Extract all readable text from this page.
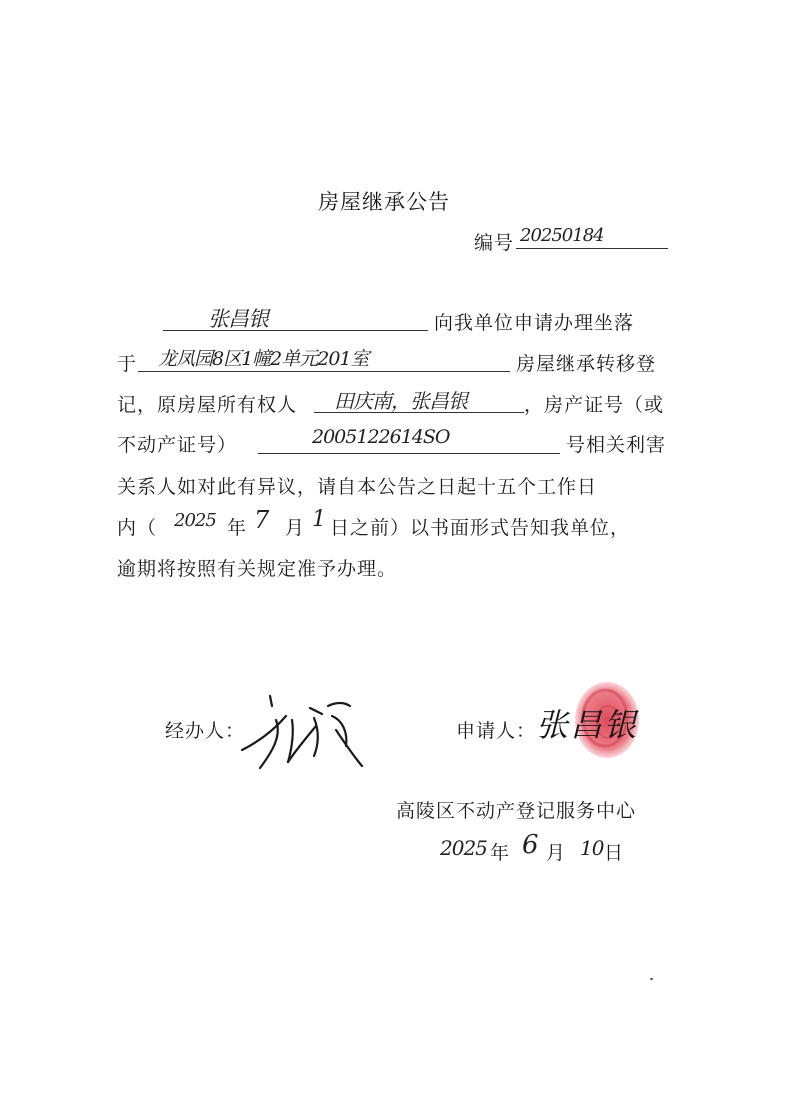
房屋继承公告
编号 20250184
张昌银	向我单位申请办理坐落
于 龙凤园8区1幢2单元201室	房屋继承转移登
记，原房屋所有权人 田庆南，张昌银	，房产证号（或
不动产证号）	2005122614SO	号相关利害
关系人如对此有异议，请自本公告之日起十五个工作日
内（ 2025 年 7 月 1 日之前）以书面形式告知我单位，
逾期将按照有关规定准予办理。
经办人：	申请人： 张昌银
高陵区不动产登记服务中心
2025 年 6 月 10 日
